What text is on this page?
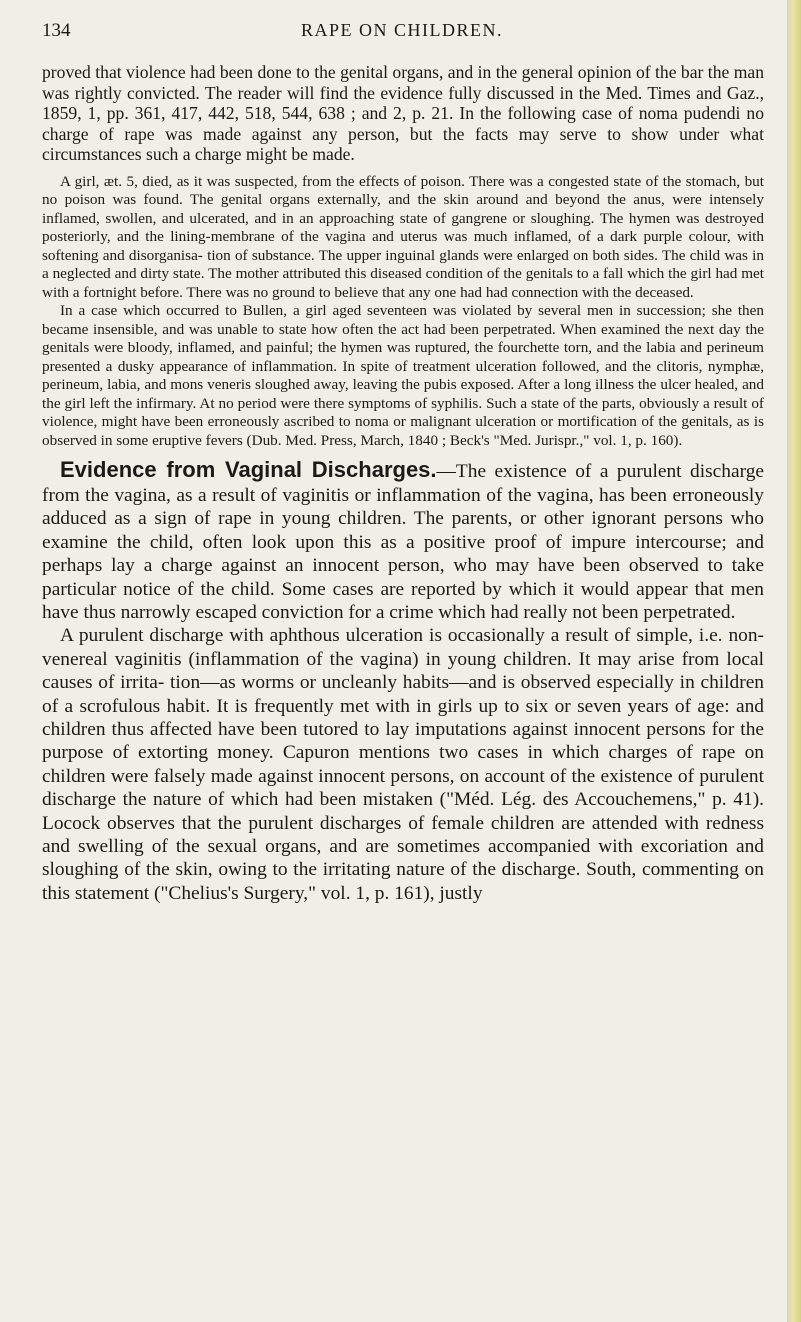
134	RAPE ON CHILDREN.

proved that violence had been done to the genital organs, and in the general opinion of the bar the man was rightly convicted. The reader will find the evidence fully discussed in the Med. Times and Gaz., 1859, 1, pp. 361, 417, 442, 518, 544, 638 ; and 2, p. 21. In the following case of noma pudendi no charge of rape was made against any person, but the facts may serve to show under what circumstances such a charge might be made.

A girl, æt. 5, died, as it was suspected, from the effects of poison. There was a congested state of the stomach, but no poison was found. The genital organs externally, and the skin around and beyond the anus, were intensely inflamed, swollen, and ulcerated, and in an approaching state of gangrene or sloughing. The hymen was destroyed posteriorly, and the lining-membrane of the vagina and uterus was much inflamed, of a dark purple colour, with softening and disorganisa- tion of substance. The upper inguinal glands were enlarged on both sides. The child was in a neglected and dirty state. The mother attributed this diseased condition of the genitals to a fall which the girl had met with a fortnight before. There was no ground to believe that any one had had connection with the deceased.

In a case which occurred to Bullen, a girl aged seventeen was violated by several men in succession; she then became insensible, and was unable to state how often the act had been perpetrated. When examined the next day the genitals were bloody, inflamed, and painful; the hymen was ruptured, the fourchette torn, and the labia and perineum presented a dusky appearance of inflammation. In spite of treatment ulceration followed, and the clitoris, nymphæ, perineum, labia, and mons veneris sloughed away, leaving the pubis exposed. After a long illness the ulcer healed, and the girl left the infirmary. At no period were there symptoms of syphilis. Such a state of the parts, obviously a result of violence, might have been erroneously ascribed to noma or malignant ulceration or mortification of the genitals, as is observed in some eruptive fevers (Dub. Med. Press, March, 1840 ; Beck's "Med. Jurispr.," vol. 1, p. 160).

Evidence from Vaginal Discharges.—The existence of a purulent discharge from the vagina, as a result of vaginitis or inflammation of the vagina, has been erroneously adduced as a sign of rape in young children. The parents, or other ignorant persons who examine the child, often look upon this as a positive proof of impure intercourse; and perhaps lay a charge against an innocent person, who may have been observed to take particular notice of the child. Some cases are reported by which it would appear that men have thus narrowly escaped conviction for a crime which had really not been perpetrated.

A purulent discharge with aphthous ulceration is occasionally a result of simple, i.e. non-venereal vaginitis (inflammation of the vagina) in young children. It may arise from local causes of irrita- tion—as worms or uncleanly habits—and is observed especially in children of a scrofulous habit. It is frequently met with in girls up to six or seven years of age: and children thus affected have been tutored to lay imputations against innocent persons for the purpose of extorting money. Capuron mentions two cases in which charges of rape on children were falsely made against innocent persons, on account of the existence of purulent discharge the nature of which had been mistaken ("Méd. Lég. des Accouchemens," p. 41). Locock observes that the purulent discharges of female children are attended with redness and swelling of the sexual organs, and are sometimes accompanied with excoriation and sloughing of the skin, owing to the irritating nature of the discharge. South, commenting on this statement ("Chelius's Surgery," vol. 1, p. 161), justly
